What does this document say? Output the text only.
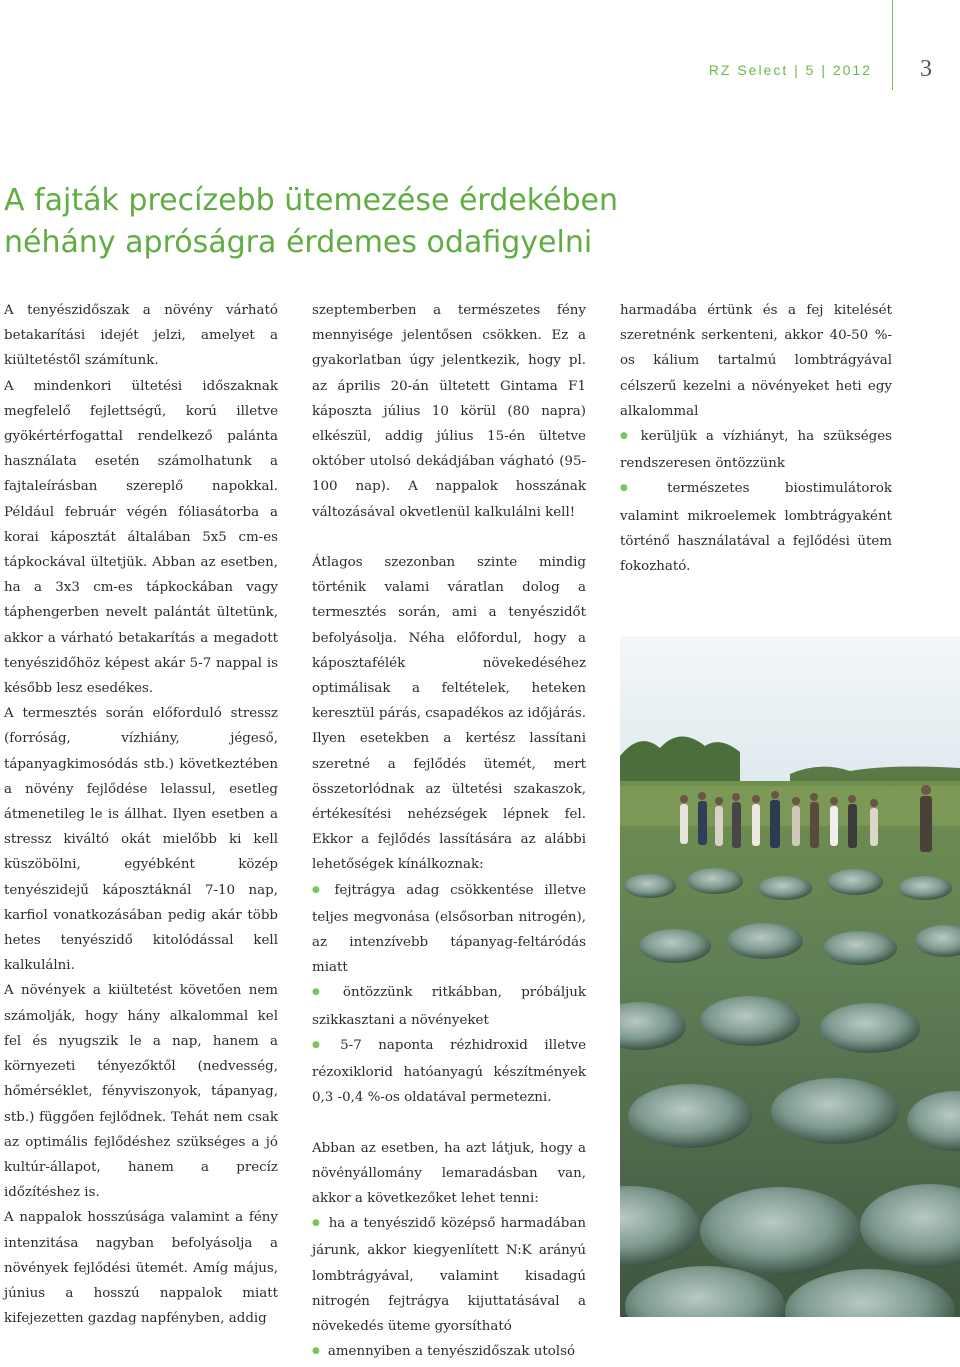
RZ Select | 5 | 2012	3
A fajták precízebb ütemezése érdekében
néhány apróságra érdemes odafigyelni

A tenyészidőszak a növény várható betakarítási idejét jelzi, amelyet a kiültetéstől számítunk.

A mindenkori ültetési időszaknak megfelelő fejlettségű, korú illetve gyökértérfogattal rendelkező palánta használata esetén számolhatunk a fajtaleírásban szereplő napokkal. Például február végén fóliasátorba a korai káposztát általában 5x5 cm-es tápkockával ültetjük. Abban az esetben, ha a 3x3 cm-es tápkockában vagy táphengerben nevelt palántát ültetünk, akkor a várható betakarítás a megadott tenyészidőhöz képest akár 5-7 nappal is később lesz esedékes.

A termesztés során előforduló stressz (forróság, vízhiány, jégeső, tápanyagkimosódás stb.) következtében a növény fejlődése lelassul, esetleg átmenetileg le is állhat. Ilyen esetben a stressz kiváltó okát mielőbb ki kell küszöbölni, egyébként közép tenyészidejű káposztáknál 7-10 nap, karfiol vonatkozásában pedig akár több hetes tenyészidő kitolódással kell kalkulálni.

A növények a kiültetést követően nem számolják, hogy hány alkalommal kel fel és nyugszik le a nap, hanem a környezeti tényezőktől (nedvesség, hőmérséklet, fényviszonyok, tápanyag, stb.) függően fejlődnek. Tehát nem csak az optimális fejlődéshez szükséges a jó kultúr-állapot, hanem a precíz időzítéshez is.

A nappalok hosszúsága valamint a fény intenzitása nagyban befolyásolja a növények fejlődési ütemét. Amíg május, június a hosszú nappalok miatt kifejezetten gazdag napfényben, addig

szeptemberben a természetes fény mennyisége jelentősen csökken. Ez a gyakorlatban úgy jelentkezik, hogy pl. az április 20-án ültetett Gintama F1 káposzta július 10 körül (80 napra) elkészül, addig július 15-én ültetve október utolsó dekádjában vágható (95-100 nap). A nappalok hosszának változásával okvetlenül kalkulálni kell!

Átlagos szezonban szinte mindig történik valami váratlan dolog a termesztés során, ami a tenyészidőt befolyásolja. Néha előfordul, hogy a káposztafélék növekedéséhez optimálisak a feltételek, heteken keresztül párás, csapadékos az időjárás. Ilyen esetekben a kertész lassítani szeretné a fejlődés ütemét, mert összetorlódnak az ültetési szakaszok, értékesítési nehézségek lépnek fel. Ekkor a fejlődés lassítására az alábbi lehetőségek kínálkoznak:

● fejtrágya adag csökkentése illetve teljes megvonása (elsősorban nitrogén), az intenzívebb tápanyag-feltáródás miatt

● öntözzünk ritkábban, próbáljuk szikkasztani a növényeket

● 5-7 naponta rézhidroxid illetve rézoxiklorid hatóanyagú készítmények 0,3 -0,4 %-os oldatával permetezni.

Abban az esetben, ha azt látjuk, hogy a növényállomány lemaradásban van, akkor a következőket lehet tenni:

● ha a tenyészidő középső harmadában járunk, akkor kiegyenlített N:K arányú lombtrágyával, valamint kisadagú nitrogén fejtrágya kijuttatásával a növekedés üteme gyorsítható

● amennyiben a tenyészidőszak utolsó

harmadába értünk és a fej kitelését szeretnénk serkenteni, akkor 40-50 %-os kálium tartalmú lombtrágyával célszerű kezelni a növényeket heti egy alkalommal

● kerüljük a vízhiányt, ha szükséges rendszeresen öntözzünk

● természetes biostimulátorok valamint mikroelemek lombtrágyaként történő használatával a fejlődési ütem fokozható.
